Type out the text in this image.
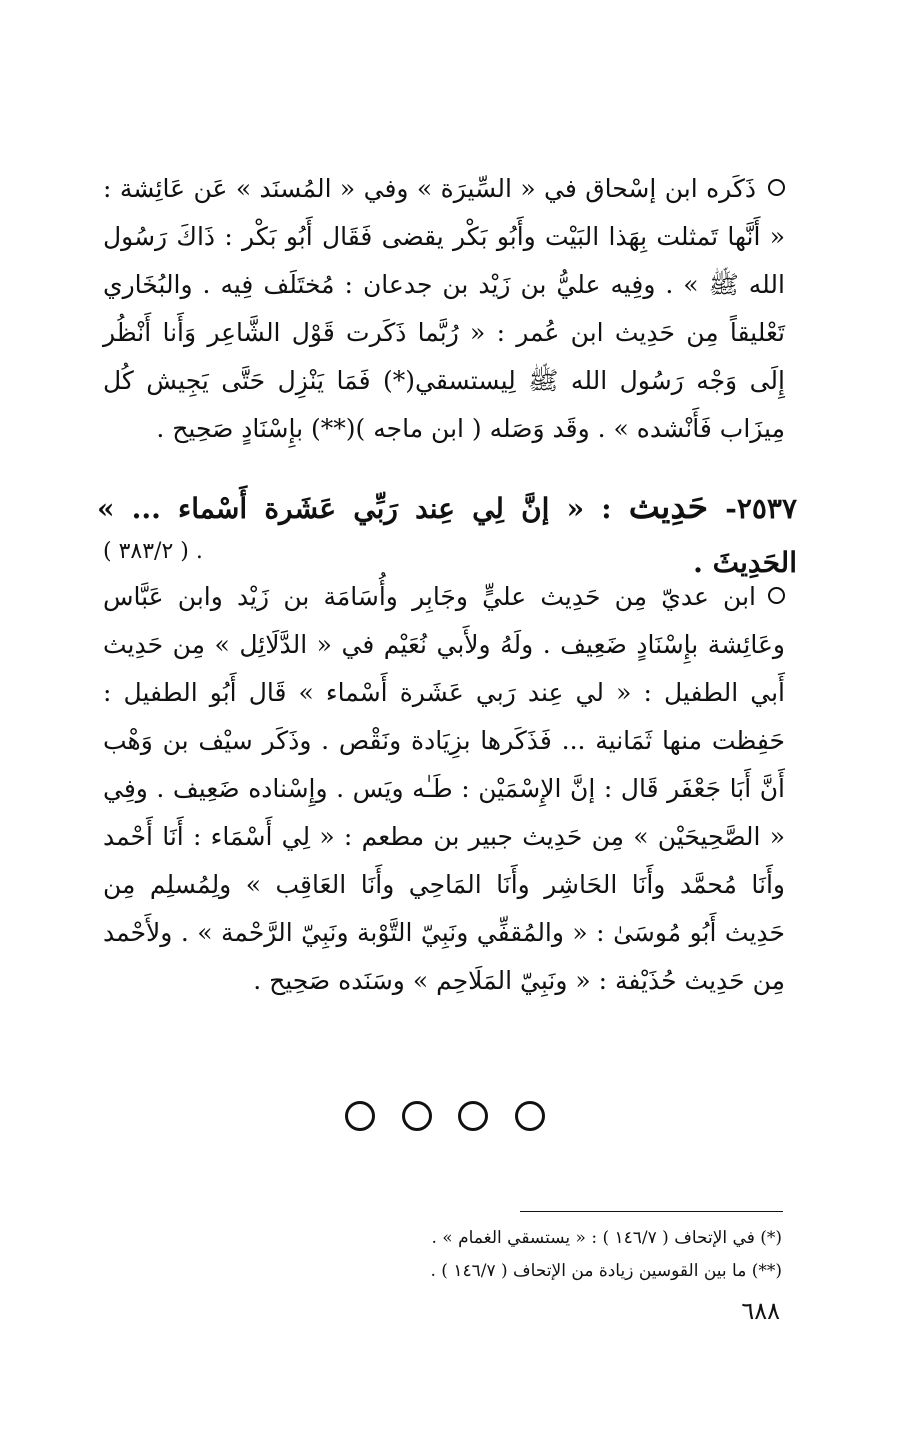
ذَكَره ابن إسْحاق في « السِّيرَة » وفي « المُسنَد » عَن عَائِشة : « أَنَّها تَمثلت بِهَذا البَيْت وأَبُو بَكْر يقضى فَقَال أَبُو بَكْر : ذَاكَ رَسُول الله ﷺ » . وفِيه عليُّ بن زَيْد بن جدعان : مُختَلَف فِيه . والبُخَاري تَعْليقاً مِن حَدِيث ابن عُمر : « رُبَّما ذَكَرت قَوْل الشَّاعِر وَأَنا أَنْظُر إِلَى وَجْه رَسُول الله ﷺ لِيستسقي(*) فَمَا يَنْزِل حَتَّى يَجِيش كُل مِيزَاب فَأَنْشده » . وقَد وَصَله ( ابن ماجه )(**) بإِسْنَادٍ صَحِيح .
٢٥٣٧- حَدِيث : « إنَّ لِي عِند رَبِّي عَشَرة أَسْماء ... » الحَدِيثَ .
. ( ٣٨٣/٢ )
ابن عديّ مِن حَدِيث عليٍّ وجَابِر وأُسَامَة بن زَيْد وابن عَبَّاس وعَائِشة بإِسْنَادٍ ضَعِيف . ولَهُ ولأَبي نُعَيْم في « الدَّلَائِل » مِن حَدِيث أَبي الطفيل : « لي عِند رَبي عَشَرة أَسْماء » قَال أَبُو الطفيل : حَفِظت منها ثَمَانية ... فَذَكَرها بزِيَادة ونَقْص . وذَكَر سيْف بن وَهْب أَنَّ أَبَا جَعْفَر قَال : إنَّ الإِسْمَيْن : طَـٰه ويَس . وإِسْناده ضَعِيف . وفِي « الصَّحِيحَيْن » مِن حَدِيث جبير بن مطعم : « لِي أَسْمَاء : أَنَا أَحْمد وأَنَا مُحمَّد وأَنَا الحَاشِر وأَنَا المَاحِي وأَنَا العَاقِب » ولِمُسلِم مِن حَدِيث أَبُو مُوسَىٰ : « والمُقفِّي ونَبِيّ التَّوْبة ونَبِيّ الرَّحْمة » . ولأَحْمد مِن حَدِيث حُذَيْفة : « ونَبِيّ المَلَاحِم » وسَنَده صَحِيح .
(*) في الإتحاف ( ١٤٦/٧ ) : « يستسقي الغمام » .
(**) ما بين القوسين زيادة من الإتحاف ( ١٤٦/٧ ) .
٦٨٨
